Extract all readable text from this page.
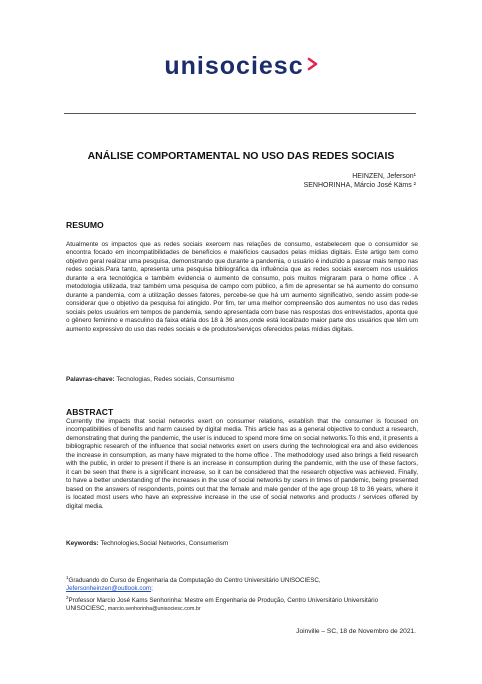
unisociesc
ANÁLISE COMPORTAMENTAL NO USO DAS REDES SOCIAIS
HEINZEN, Jeferson¹
SENHORINHA, Márcio José Käms ²
RESUMO
Atualmente os impactos que as redes sociais exercem nas relações de consumo, estabelecem que o consumidor se encontra focado em incompatibilidades de benefícios e malefícios causados pelas mídias digitais. Este artigo tem como objetivo geral realizar uma pesquisa, demonstrando que durante a pandemia, o usuário é induzido a passar mais tempo nas redes sociais.Para tanto, apresenta uma pesquisa bibliográfica da influência que as redes sociais exercem nos usuários durante a era tecnológica e também evidencia o aumento de consumo, pois muitos migraram para o home office . A metodologia utilizada, traz também uma pesquisa de campo com público, a fim de apresentar se há aumento do consumo durante a pandemia, com a utilização desses fatores, percebe-se que há um aumento significativo, sendo assim pode-se considerar que o objetivo da pesquisa foi atingido. Por fim, ter uma melhor compreensão dos aumentos no uso das redes sociais pelos usuários em tempos de pandemia, sendo apresentada com base nas respostas dos entrevistados, aponta que o gênero feminino e masculino da faixa etária dos 18 à 36 anos,onde está localizado maior parte dos usuários que têm um aumento expressivo do uso das redes sociais e de produtos/serviços oferecidos pelas mídias digitais.
Palavras-chave: Tecnologias, Redes sociais, Consumismo
ABSTRACT
Currently the impacts that social networks exert on consumer relations, establish that the consumer is focused on incompatibilities of benefits and harm caused by digital media. This article has as a general objective to conduct a research, demonstrating that during the pandemic, the user is induced to spend more time on social networks.To this end, it presents a bibliographic research of the influence that social networks exert on users during the technological era and also evidences the increase in consumption, as many have migrated to the home office . The methodology used also brings a field research with the public, in order to present if there is an increase in consumption during the pandemic, with the use of these factors, it can be seen that there is a significant increase, so it can be considered that the research objective was achieved. Finally, to have a better understanding of the increases in the use of social networks by users in times of pandemic, being presented based on the answers of respondents, points out that the female and male gender of the age group 18 to 36 years, where it is located most users who have an expressive increase in the use of social networks and products / services offered by digital media.
Keywords: Technologies,Social Networks, Consumerism
$^1$Graduando do Curso de Engenharia da Computação do Centro Universitário UNISOCIESC,
Jefersonheinzen@outlook.com;
$^2$Professor Marcio José Kams Senhorinha: Mestre em Engenharia de Produção, Centro Universitário Universitário UNISOCIESC, marcio.senhorinha@unisociesc.com.br
Joinville – SC, 18 de Novembro de 2021.
